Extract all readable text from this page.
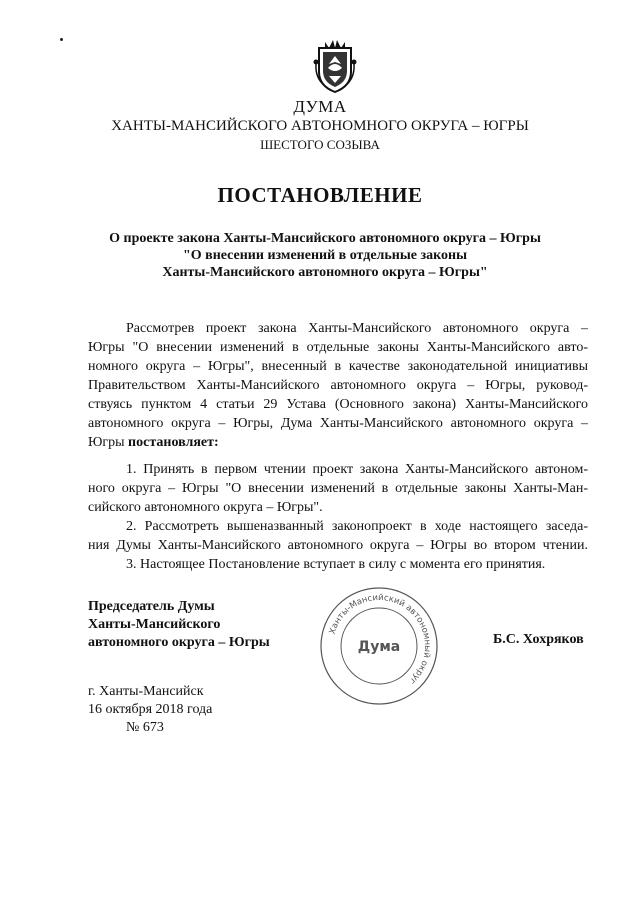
ДУМА
ХАНТЫ-МАНСИЙСКОГО АВТОНОМНОГО ОКРУГА – ЮГРЫ
ШЕСТОГО СОЗЫВА
ПОСТАНОВЛЕНИЕ
О проекте закона Ханты-Мансийского автономного округа – Югры
"О внесении изменений в отдельные законы
Ханты-Мансийского автономного округа – Югры"
Рассмотрев проект закона Ханты-Мансийского автономного округа –
Югры "О внесении изменений в отдельные законы Ханты-Мансийского авто-
номного округа – Югры", внесенный в качестве законодательной инициативы
Правительством Ханты-Мансийского автономного округа – Югры, руковод-
ствуясь пунктом 4 статьи 29 Устава (Основного закона) Ханты-Мансийского
автономного округа – Югры, Дума Ханты-Мансийского автономного округа –
Югры постановляет:
1. Принять в первом чтении проект закона Ханты-Мансийского автоном-
ного округа – Югры "О внесении изменений в отдельные законы Ханты-Ман-
сийского автономного округа – Югры".
2. Рассмотреть вышеназванный законопроект в ходе настоящего заседа-
ния Думы Ханты-Мансийского автономного округа – Югры во втором чтении.
3. Настоящее Постановление вступает в силу с момента его принятия.
Председатель Думы
Ханты-Мансийского
автономного округа – Югры
Ханты-Мансийский автономный округ
Дума	Б.С. Хохряков
г. Ханты-Мансийск
16 октября 2018 года
№ 673
